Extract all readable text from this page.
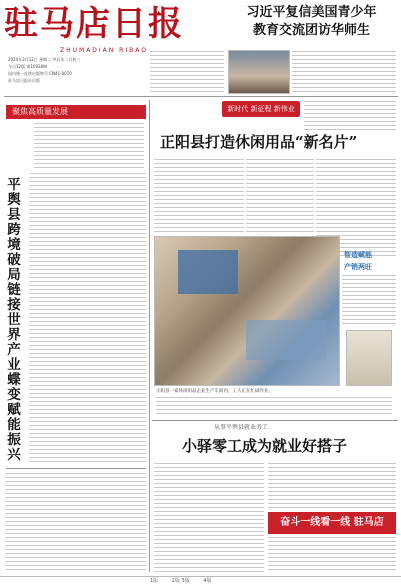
驻马店日报
ZHUMADIAN RIBAO

2024年3月12日 星期二 甲辰年二月初三

今日12版 第10928期

国内统一连续出版物号 CN41-0070

驻马店日报社出版

习近平复信美国青少年
教育交流团访华师生
聚焦高质量发展
平舆县 跨境破局链接世界 产业蝶变赋能振兴
新时代 新征程 新伟业
正阳县打造休闲用品“新名片”
智造赋能
产销两旺
正阳县一家休闲用品企业生产车间内，工人正在忙碌作业。
从事平舆县就业务工
小驿零工成为就业好搭子
奋斗一线看一线 驻马店
1版	2版 3版	4版
